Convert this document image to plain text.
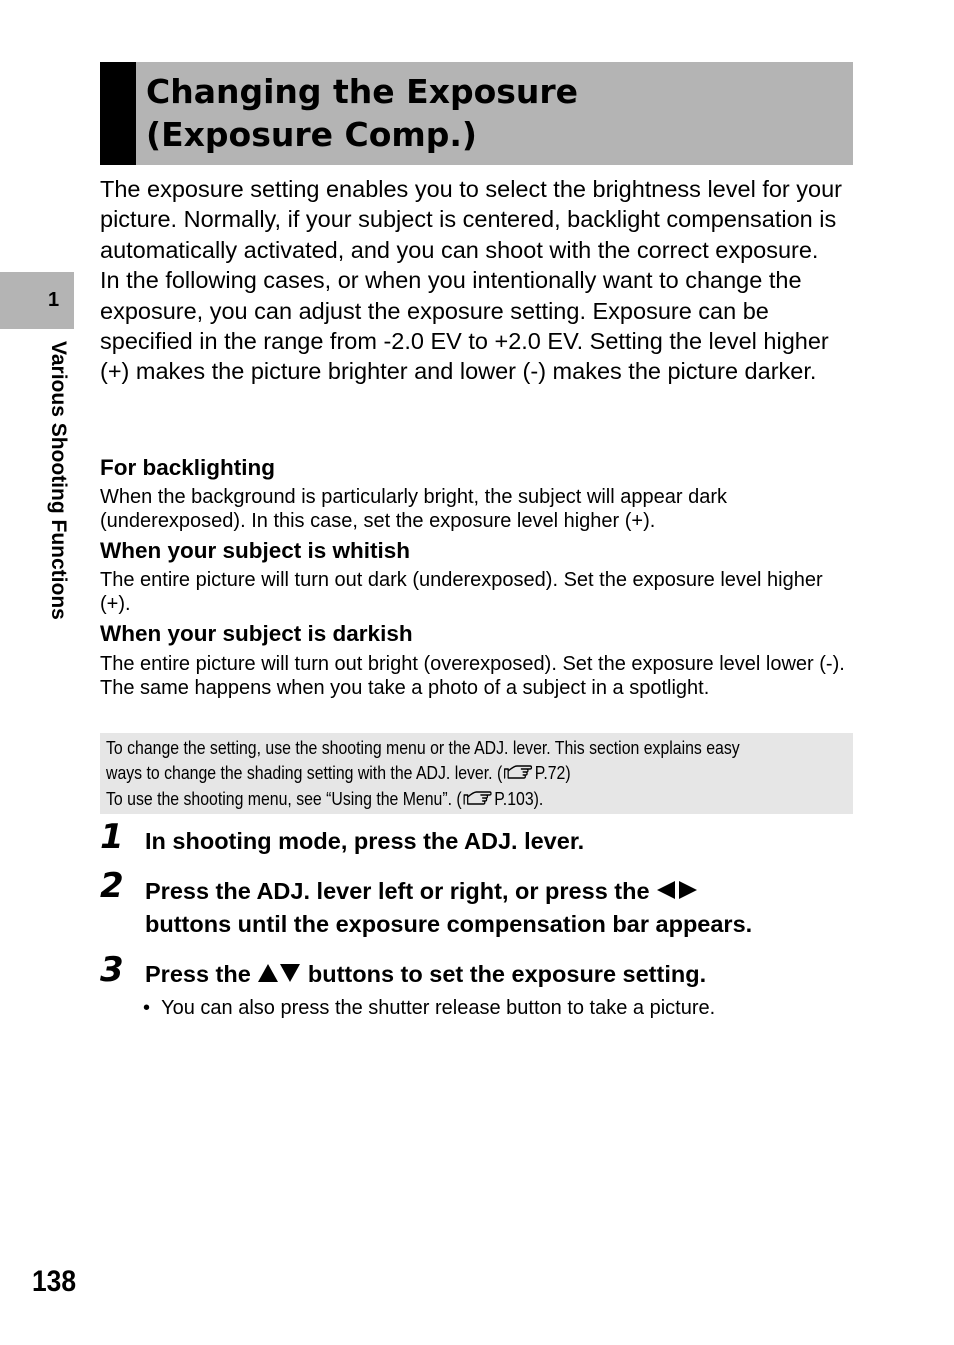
Changing the Exposure
(Exposure Comp.)
1
Various Shooting Functions

The exposure setting enables you to select the brightness level for your picture. Normally, if your subject is centered, backlight compensation is automatically activated, and you can shoot with the correct exposure.

In the following cases, or when you intentionally want to change the exposure, you can adjust the exposure setting. Exposure can be specified in the range from -2.0 EV to +2.0 EV. Setting the level higher (+) makes the picture brighter and lower (-) makes the picture darker.

For backlighting

When the background is particularly bright, the subject will appear dark (underexposed). In this case, set the exposure level higher (+).

When your subject is whitish

The entire picture will turn out dark (underexposed). Set the exposure level higher (+).

When your subject is darkish

The entire picture will turn out bright (overexposed). Set the exposure level lower (-).

The same happens when you take a photo of a subject in a spotlight.

To change the setting, use the shooting menu or the ADJ. lever. This section explains easy
ways to change the shading setting with the ADJ. lever. ( P.72)
To use the shooting menu, see “Using the Menu”. ( P.103).
1 In shooting mode, press the ADJ. lever.
2 Press the ADJ. lever left or right, or press the
buttons until the exposure compensation bar appears.
3 Press the buttons to set the exposure setting.
•  You can also press the shutter release button to take a picture.
138
